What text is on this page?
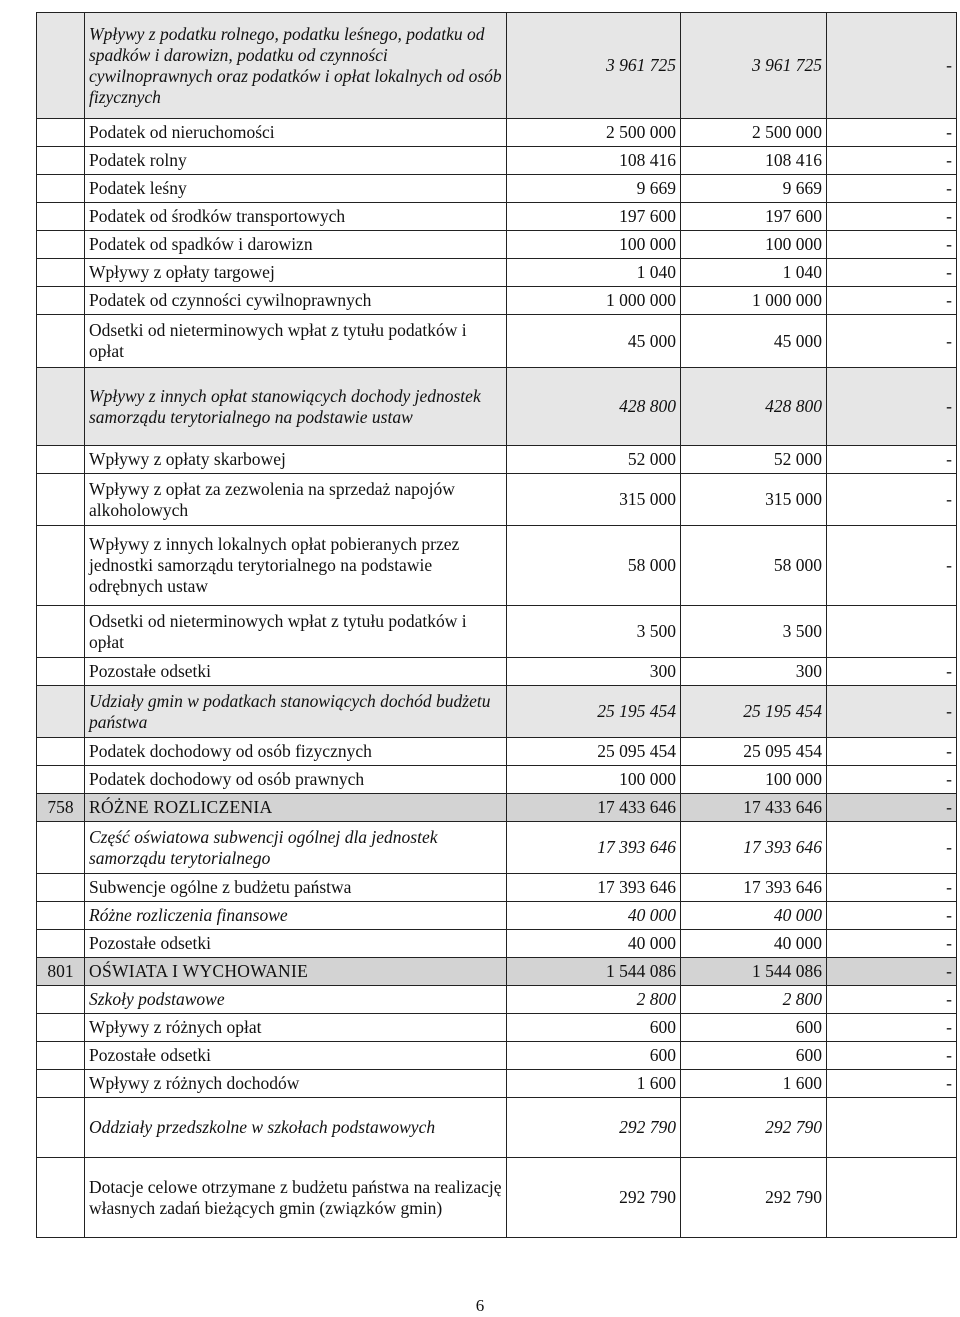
	Wpływy z podatku rolnego, podatku leśnego, podatku od spadków i darowizn, podatku od czynności cywilnoprawnych oraz podatków i opłat lokalnych od osób fizycznych	3 961 725	3 961 725	-
	Podatek od nieruchomości	2 500 000	2 500 000	-
	Podatek rolny	108 416	108 416	-
	Podatek leśny	9 669	9 669	-
	Podatek od środków transportowych	197 600	197 600	-
	Podatek od spadków i darowizn	100 000	100 000	-
	Wpływy z opłaty targowej	1 040	1 040	-
	Podatek od czynności cywilnoprawnych	1 000 000	1 000 000	-
	Odsetki od nieterminowych wpłat z tytułu podatków i opłat	45 000	45 000	-
	Wpływy z innych opłat stanowiących dochody jednostek samorządu terytorialnego na podstawie ustaw	428 800	428 800	-
	Wpływy z opłaty skarbowej	52 000	52 000	-
	Wpływy z opłat za zezwolenia na sprzedaż napojów alkoholowych	315 000	315 000	-
	Wpływy z innych lokalnych opłat pobieranych przez jednostki samorządu terytorialnego na podstawie odrębnych ustaw	58 000	58 000	-
	Odsetki od nieterminowych wpłat z tytułu podatków i opłat	3 500	3 500	
	Pozostałe odsetki	300	300	-
	Udziały gmin w podatkach stanowiących dochód budżetu państwa	25 195 454	25 195 454	-
	Podatek dochodowy od osób fizycznych	25 095 454	25 095 454	-
	Podatek dochodowy od osób prawnych	100 000	100 000	-
758	RÓŻNE ROZLICZENIA	17 433 646	17 433 646	-
	Część oświatowa subwencji ogólnej dla jednostek samorządu terytorialnego	17 393 646	17 393 646	-
	Subwencje ogólne z budżetu państwa	17 393 646	17 393 646	-
	Różne rozliczenia finansowe	40 000	40 000	-
	Pozostałe odsetki	40 000	40 000	-
801	OŚWIATA I WYCHOWANIE	1 544 086	1 544 086	-
	Szkoły podstawowe	2 800	2 800	-
	Wpływy z różnych opłat	600	600	-
	Pozostałe odsetki	600	600	-
	Wpływy z różnych dochodów	1 600	1 600	-
	Oddziały przedszkolne w szkołach podstawowych	292 790	292 790	
	Dotacje celowe otrzymane z budżetu państwa na realizację własnych zadań bieżących gmin (związków gmin)	292 790	292 790	
6
